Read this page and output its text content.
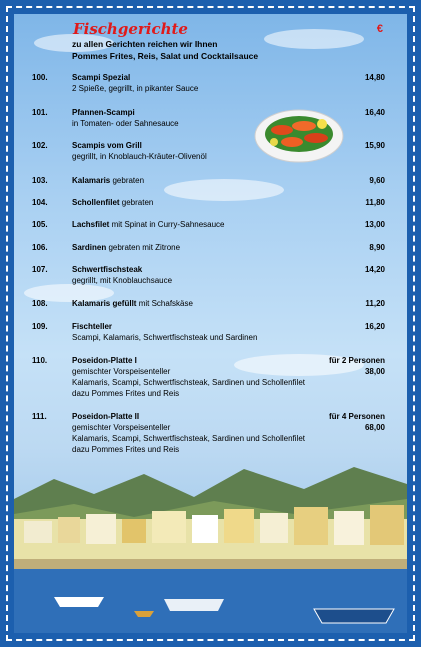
Fischgerichte	€
zu allen Gerichten reichen wir Ihnen
Pommes Frites, Reis, Salat und Cocktailsauce
100.	Scampi Spezial
2 Spieße, gegrillt, in pikanter Sauce
14,80
101.	Pfannen-Scampi
in Tomaten- oder Sahnesauce
16,40
102.	Scampis vom Grill
gegrillt, in Knoblauch-Kräuter-Olivenöl
15,90
103.	Kalamaris gebraten	9,60
104.	Schollenfilet gebraten	11,80
105.	Lachsfilet mit Spinat in Curry-Sahnesauce	13,00
106.	Sardinen gebraten mit Zitrone	8,90
107.	Schwertfischsteak
gegrillt, mit Knoblauchsauce
14,20
108.	Kalamaris gefüllt mit Schafskäse	11,20
109.	Fischteller
Scampi, Kalamaris, Schwertfischsteak und Sardinen
16,20
110.	Poseidon-Platte I
gemischter Vorspeisenteller
Kalamaris, Scampi, Schwertfischsteak, Sardinen und Schollenfilet
dazu Pommes Frites und Reis
für 2 Personen
38,00
111.	Poseidon-Platte II
gemischter Vorspeisenteller
Kalamaris, Scampi, Schwertfischsteak, Sardinen und Schollenfilet
dazu Pommes Frites und Reis
für 4 Personen
68,00
